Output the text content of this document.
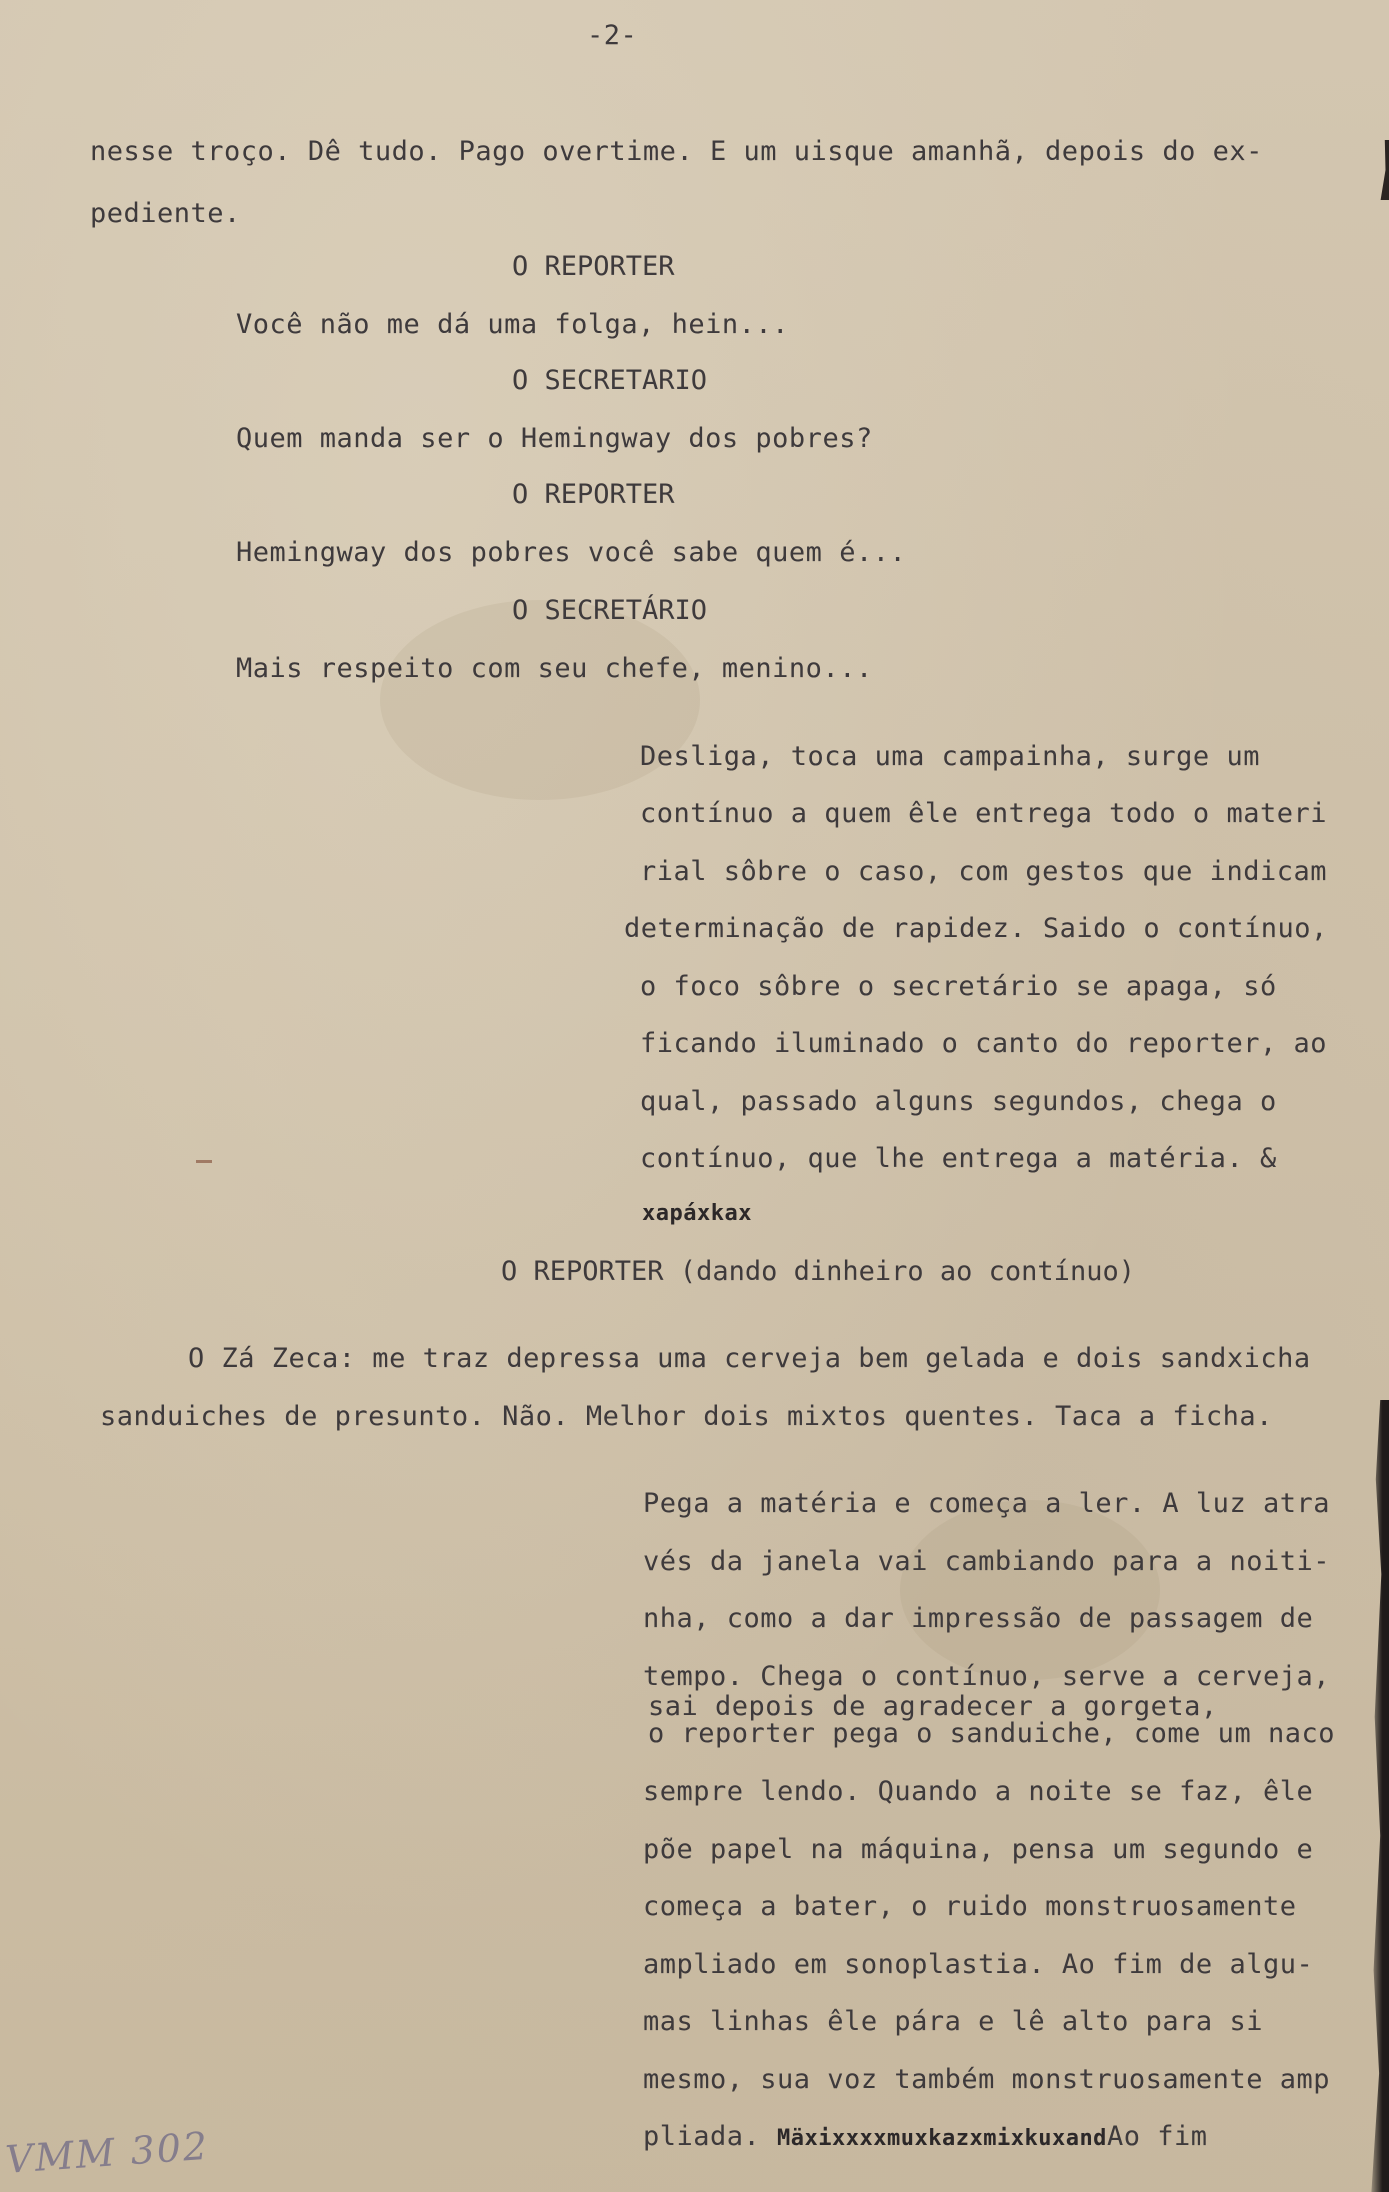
-2-
nesse troço. Dê tudo. Pago overtime. E um uisque amanhã, depois do ex-
pediente.
O REPORTER
Você não me dá uma folga, hein...
O SECRETARIO
Quem manda ser o Hemingway dos pobres?
O REPORTER
Hemingway dos pobres você sabe quem é...
O SECRETÁRIO
Mais respeito com seu chefe, menino...
Desliga, toca uma campainha, surge um
contínuo a quem êle entrega todo o materi
rial sôbre o caso, com gestos que indicam
determinação de rapidez. Saido o contínuo,
o foco sôbre o secretário se apaga, só
ficando iluminado o canto do reporter, ao
qual, passado alguns segundos, chega o
contínuo, que lhe entrega a matéria. &
xapáxkax
O REPORTER (dando dinheiro ao contínuo)
O Zá Zeca: me traz depressa uma cerveja bem gelada e dois sandxicha
sanduiches de presunto. Não. Melhor dois mixtos quentes. Taca a ficha.
Pega a matéria e começa a ler. A luz atra
vés da janela vai cambiando para a noiti-
nha, como a dar impressão de passagem de
tempo. Chega o contínuo, serve a cerveja,
sai depois de agradecer a gorgeta,
o reporter pega o sanduiche, come um naco
sempre lendo. Quando a noite se faz, êle
põe papel na máquina, pensa um segundo e
começa a bater, o ruido monstruosamente
ampliado em sonoplastia. Ao fim de algu-
mas linhas êle pára e lê alto para si
mesmo, sua voz também monstruosamente amp
pliada. MäxixxxxmuxkazxmixkuxandAo fim
VMM 302
